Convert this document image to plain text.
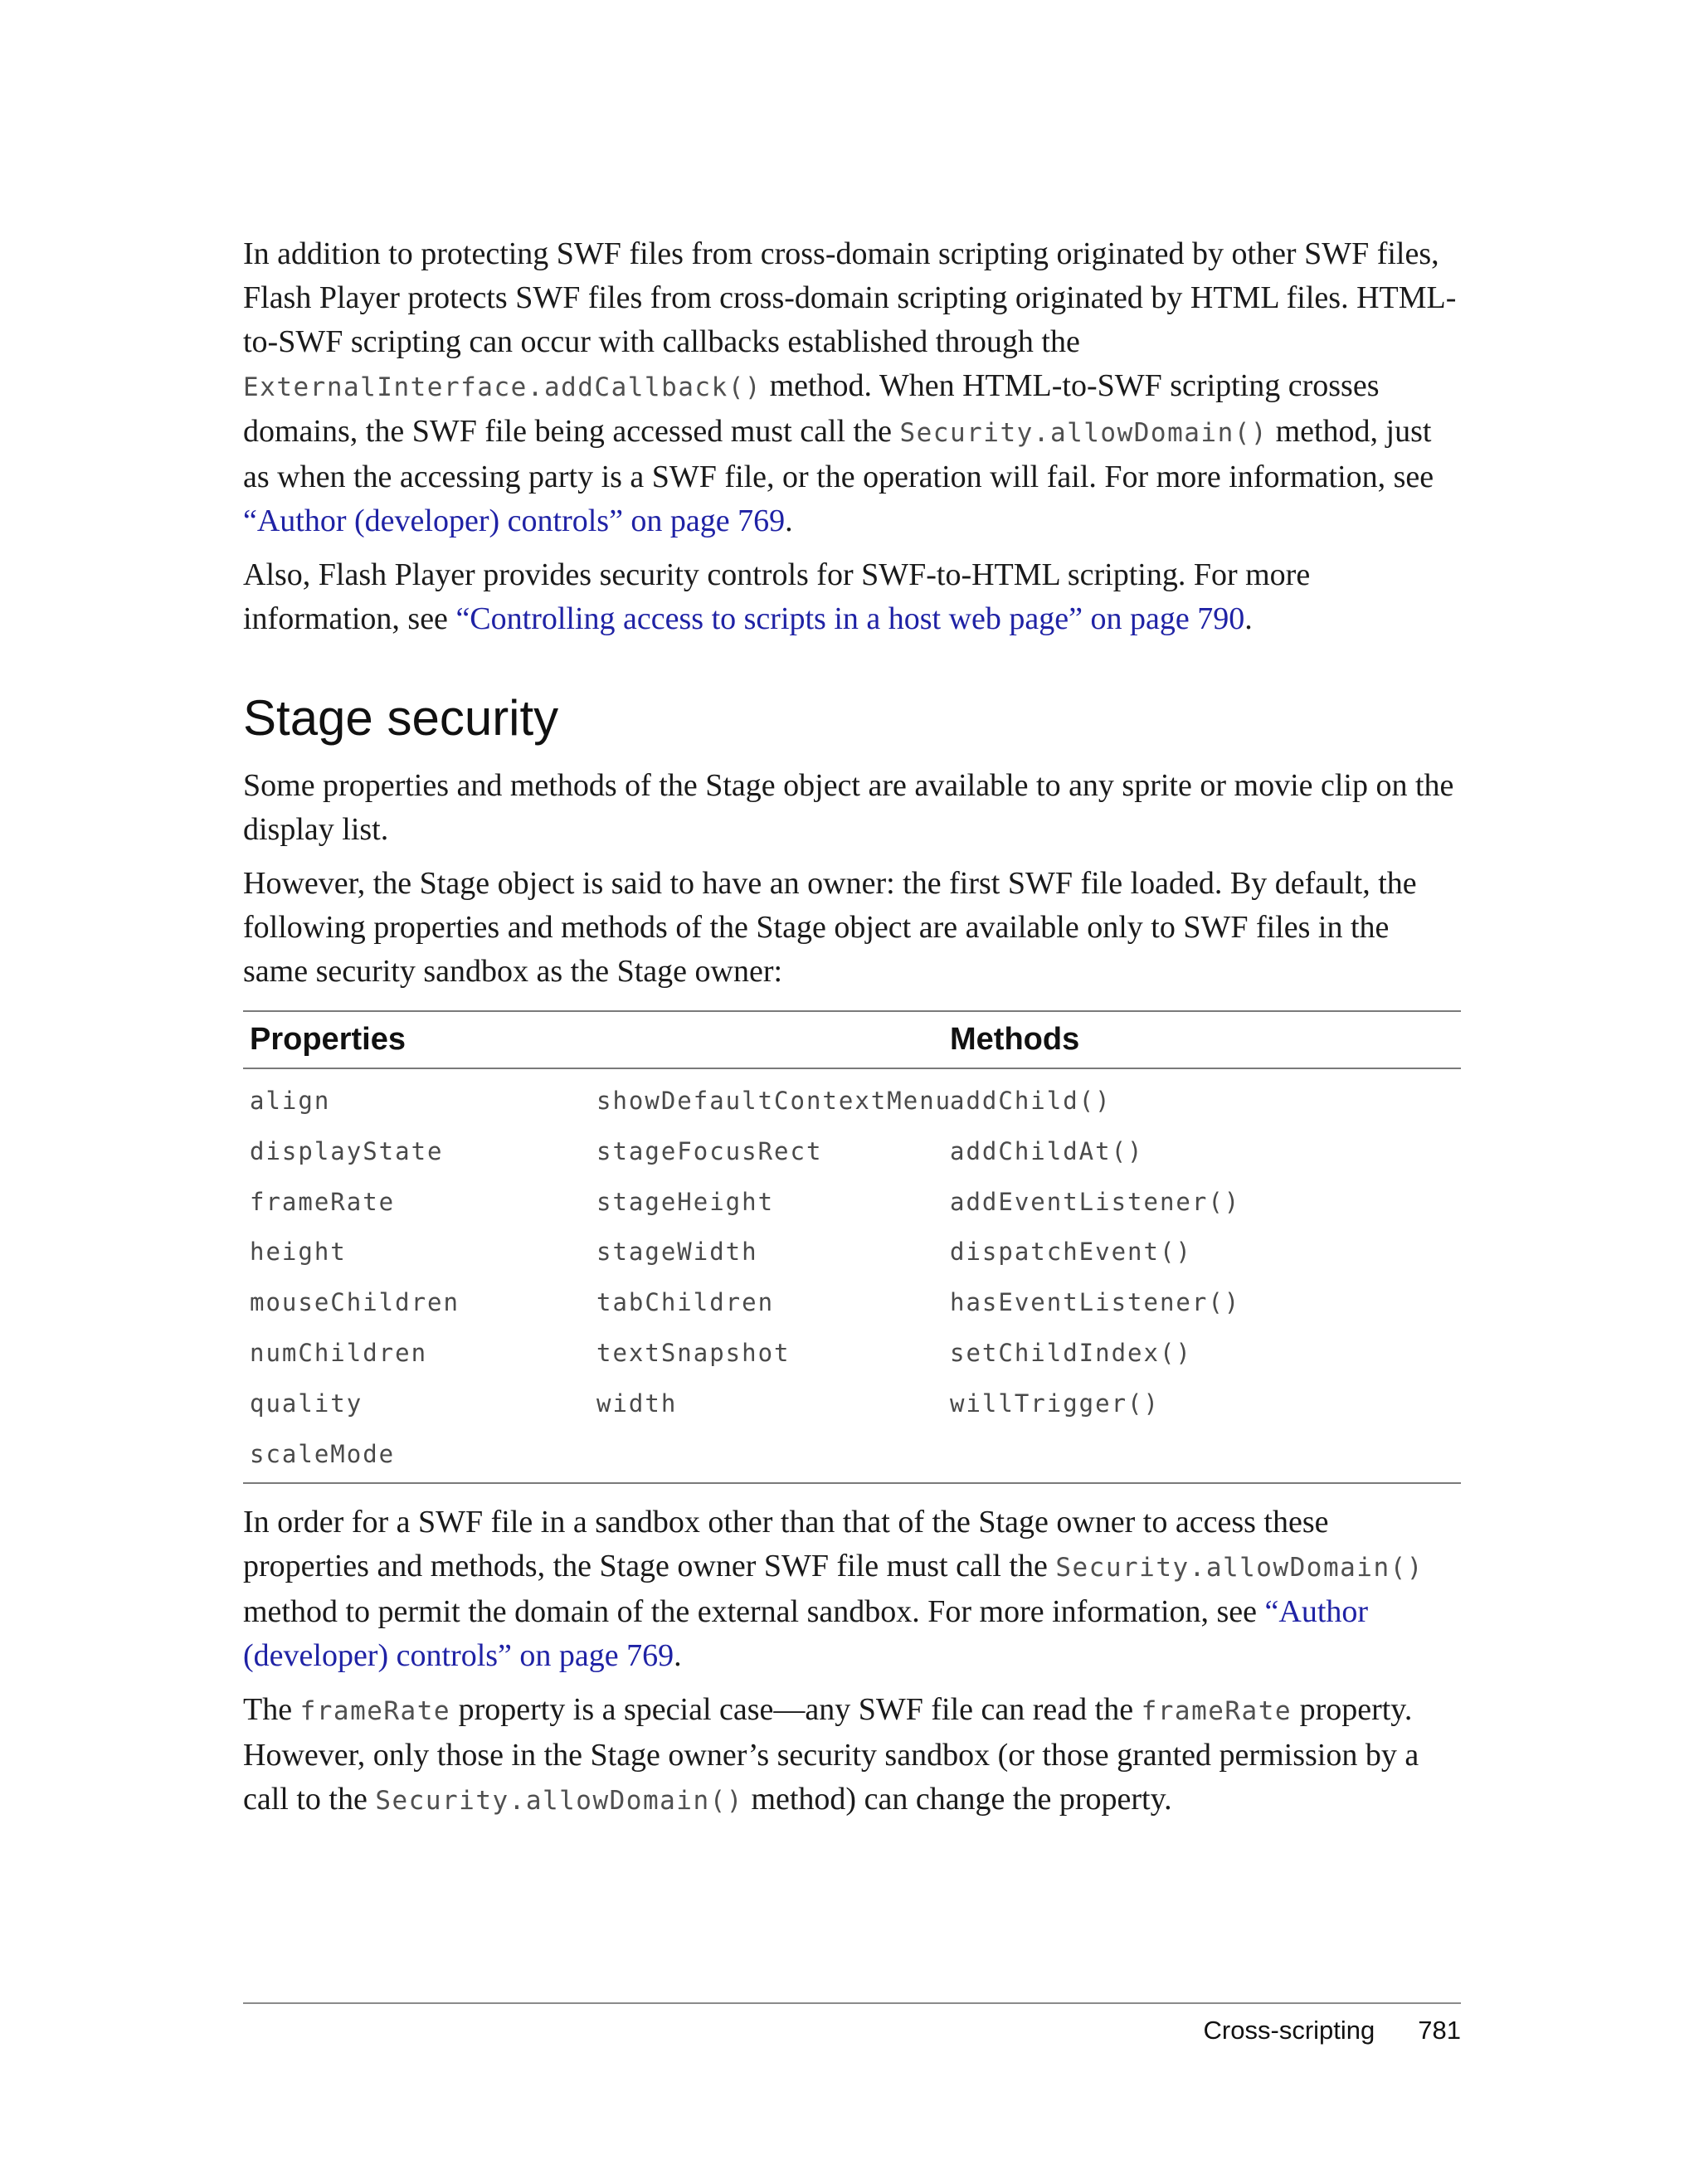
In addition to protecting SWF files from cross-domain scripting originated by other SWF files, Flash Player protects SWF files from cross-domain scripting originated by HTML files. HTML-to-SWF scripting can occur with callbacks established through the ExternalInterface.addCallback() method. When HTML-to-SWF scripting crosses domains, the SWF file being accessed must call the Security.allowDomain() method, just as when the accessing party is a SWF file, or the operation will fail. For more information, see “Author (developer) controls” on page 769.

Also, Flash Player provides security controls for SWF-to-HTML scripting. For more information, see “Controlling access to scripts in a host web page” on page 790.

Stage security

Some properties and methods of the Stage object are available to any sprite or movie clip on the display list.

However, the Stage object is said to have an owner: the first SWF file loaded. By default, the following properties and methods of the Stage object are available only to SWF files in the same security sandbox as the Stage owner:

Properties	Methods
align
displayState
frameRate
height
mouseChildren
numChildren
quality
scaleMode
showDefaultContextMenu
stageFocusRect
stageHeight
stageWidth
tabChildren
textSnapshot
width
addChild()
addChildAt()
addEventListener()
dispatchEvent()
hasEventListener()
setChildIndex()
willTrigger()

In order for a SWF file in a sandbox other than that of the Stage owner to access these properties and methods, the Stage owner SWF file must call the Security.allowDomain() method to permit the domain of the external sandbox. For more information, see “Author (developer) controls” on page 769.

The frameRate property is a special case—any SWF file can read the frameRate property. However, only those in the Stage owner’s security sandbox (or those granted permission by a call to the Security.allowDomain() method) can change the property.

Cross-scripting 781
